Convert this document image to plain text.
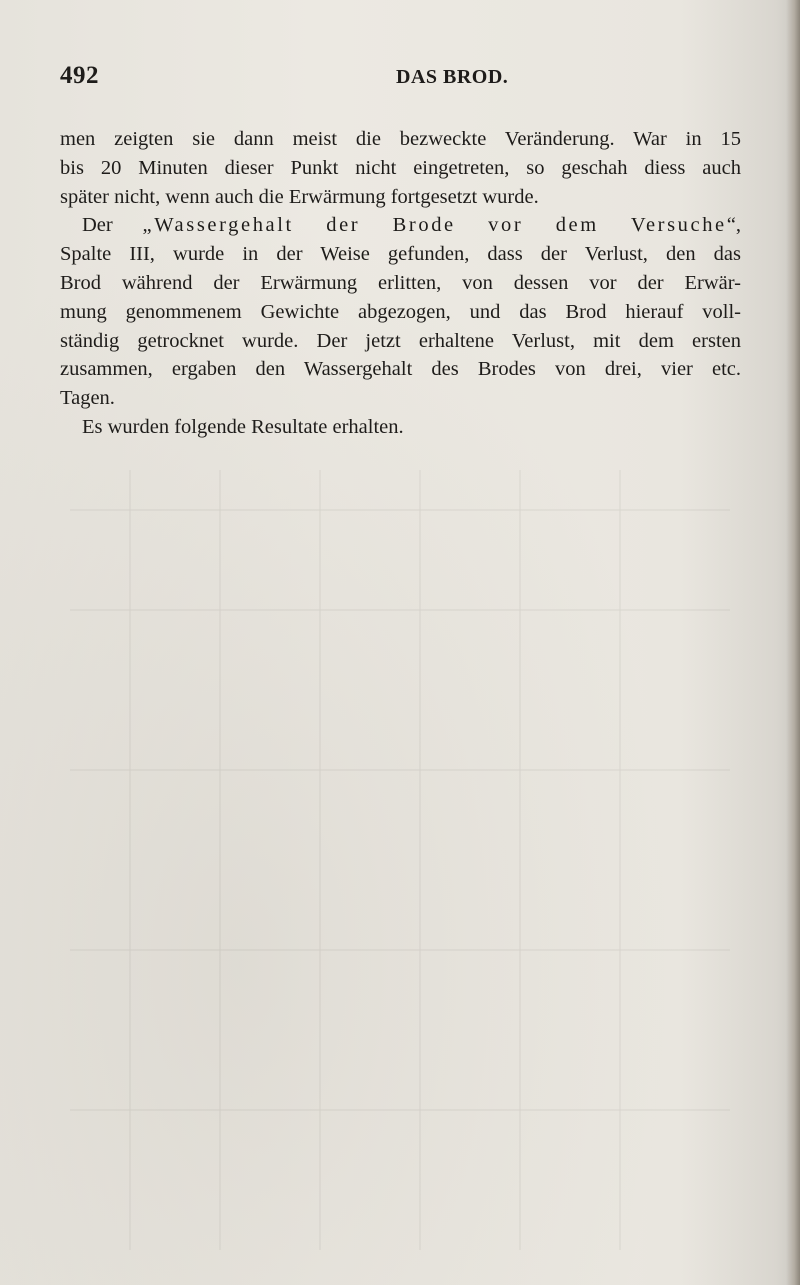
492	DAS BROD.
men zeigten sie dann meist die bezweckte Veränderung. War in 15
bis 20 Minuten dieser Punkt nicht eingetreten, so geschah diess auch
später nicht, wenn auch die Erwärmung fortgesetzt wurde.
Der „Wassergehalt der Brode vor dem Versuche“,
Spalte III, wurde in der Weise gefunden, dass der Verlust, den das
Brod während der Erwärmung erlitten, von dessen vor der Erwär-
mung genommenem Gewichte abgezogen, und das Brod hierauf voll-
ständig getrocknet wurde. Der jetzt erhaltene Verlust, mit dem ersten
zusammen, ergaben den Wassergehalt des Brodes von drei, vier etc.
Tagen.
Es wurden folgende Resultate erhalten.
